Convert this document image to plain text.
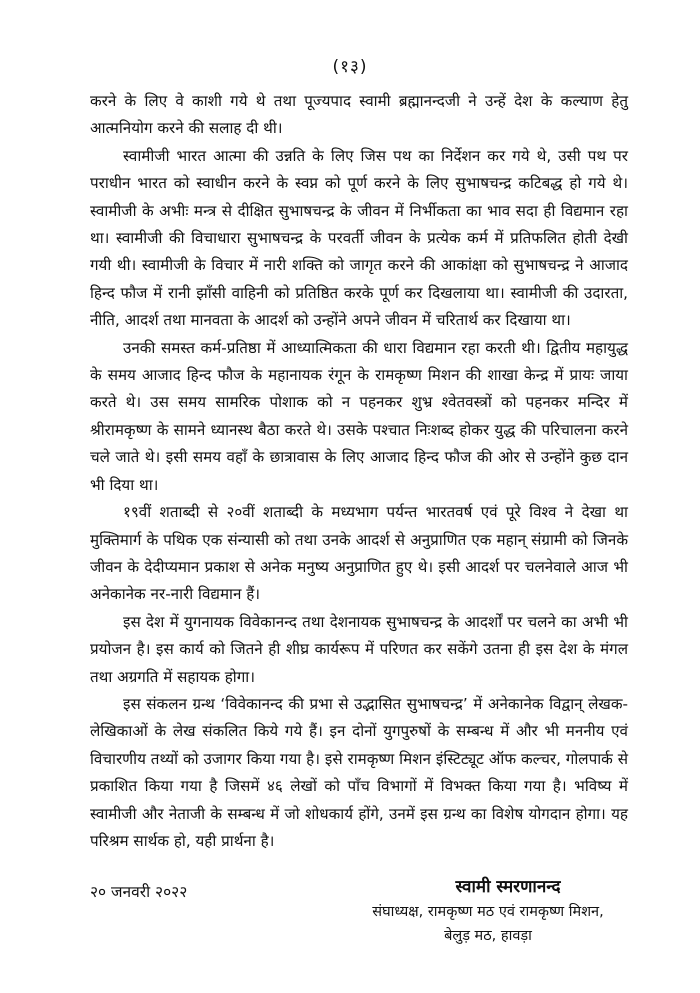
(१३)

करने के लिए वे काशी गये थे तथा पूज्यपाद स्वामी ब्रह्मानन्दजी ने उन्हें देश के कल्याण हेतु आत्मनियोग करने की सलाह दी थी।

स्वामीजी भारत आत्मा की उन्नति के लिए जिस पथ का निर्देशन कर गये थे, उसी पथ पर पराधीन भारत को स्वाधीन करने के स्वप्न को पूर्ण करने के लिए सुभाषचन्द्र कटिबद्ध हो गये थे। स्वामीजी के अभीः मन्त्र से दीक्षित सुभाषचन्द्र के जीवन में निर्भीकता का भाव सदा ही विद्यमान रहा था। स्वामीजी की विचाधारा सुभाषचन्द्र के परवर्ती जीवन के प्रत्येक कर्म में प्रतिफलित होती देखी गयी थी। स्वामीजी के विचार में नारी शक्ति को जागृत करने की आकांक्षा को सुभाषचन्द्र ने आजाद हिन्द फौज में रानी झाँसी वाहिनी को प्रतिष्ठित करके पूर्ण कर दिखलाया था। स्वामीजी की उदारता, नीति, आदर्श तथा मानवता के आदर्श को उन्होंने अपने जीवन में चरितार्थ कर दिखाया था।

उनकी समस्त कर्म-प्रतिष्ठा में आध्यात्मिकता की धारा विद्यमान रहा करती थी। द्वितीय महायुद्ध के समय आजाद हिन्द फौज के महानायक रंगून के रामकृष्ण मिशन की शाखा केन्द्र में प्रायः जाया करते थे। उस समय सामरिक पोशाक को न पहनकर शुभ्र श्वेतवस्त्रों को पहनकर मन्दिर में श्रीरामकृष्ण के सामने ध्यानस्थ बैठा करते थे। उसके पश्चात निःशब्द होकर युद्ध की परिचालना करने चले जाते थे। इसी समय वहाँ के छात्रावास के लिए आजाद हिन्द फौज की ओर से उन्होंने कुछ दान भी दिया था।

१९वीं शताब्दी से २०वीं शताब्दी के मध्यभाग पर्यन्त भारतवर्ष एवं पूरे विश्व ने देखा था मुक्तिमार्ग के पथिक एक संन्यासी को तथा उनके आदर्श से अनुप्राणित एक महान् संग्रामी को जिनके जीवन के देदीप्यमान प्रकाश से अनेक मनुष्य अनुप्राणित हुए थे। इसी आदर्श पर चलनेवाले आज भी अनेकानेक नर-नारी विद्यमान हैं।

इस देश में युगनायक विवेकानन्द तथा देशनायक सुभाषचन्द्र के आदर्शों पर चलने का अभी भी प्रयोजन है। इस कार्य को जितने ही शीघ्र कार्यरूप में परिणत कर सकेंगे उतना ही इस देश के मंगल तथा अग्रगति में सहायक होगा।

इस संकलन ग्रन्थ ‘विवेकानन्द की प्रभा से उद्भासित सुभाषचन्द्र’ में अनेकानेक विद्वान्‌ लेखक-लेखिकाओं के लेख संकलित किये गये हैं। इन दोनों युगपुरुषों के सम्बन्ध में और भी मननीय एवं विचारणीय तथ्यों को उजागर किया गया है। इसे रामकृष्ण मिशन इंस्टिट्यूट ऑफ कल्चर, गोलपार्क से प्रकाशित किया गया है जिसमें ४६ लेखों को पाँच विभागों में विभक्त किया गया है। भविष्य में स्वामीजी और नेताजी के सम्बन्ध में जो शोधकार्य होंगे, उनमें इस ग्रन्थ का विशेष योगदान होगा। यह परिश्रम सार्थक हो, यही प्रार्थना है।

२० जनवरी २०२२	स्वामी स्मरणानन्द
संघाध्यक्ष, रामकृष्ण मठ एवं रामकृष्ण मिशन,
बेलुड़ मठ, हावड़ा
